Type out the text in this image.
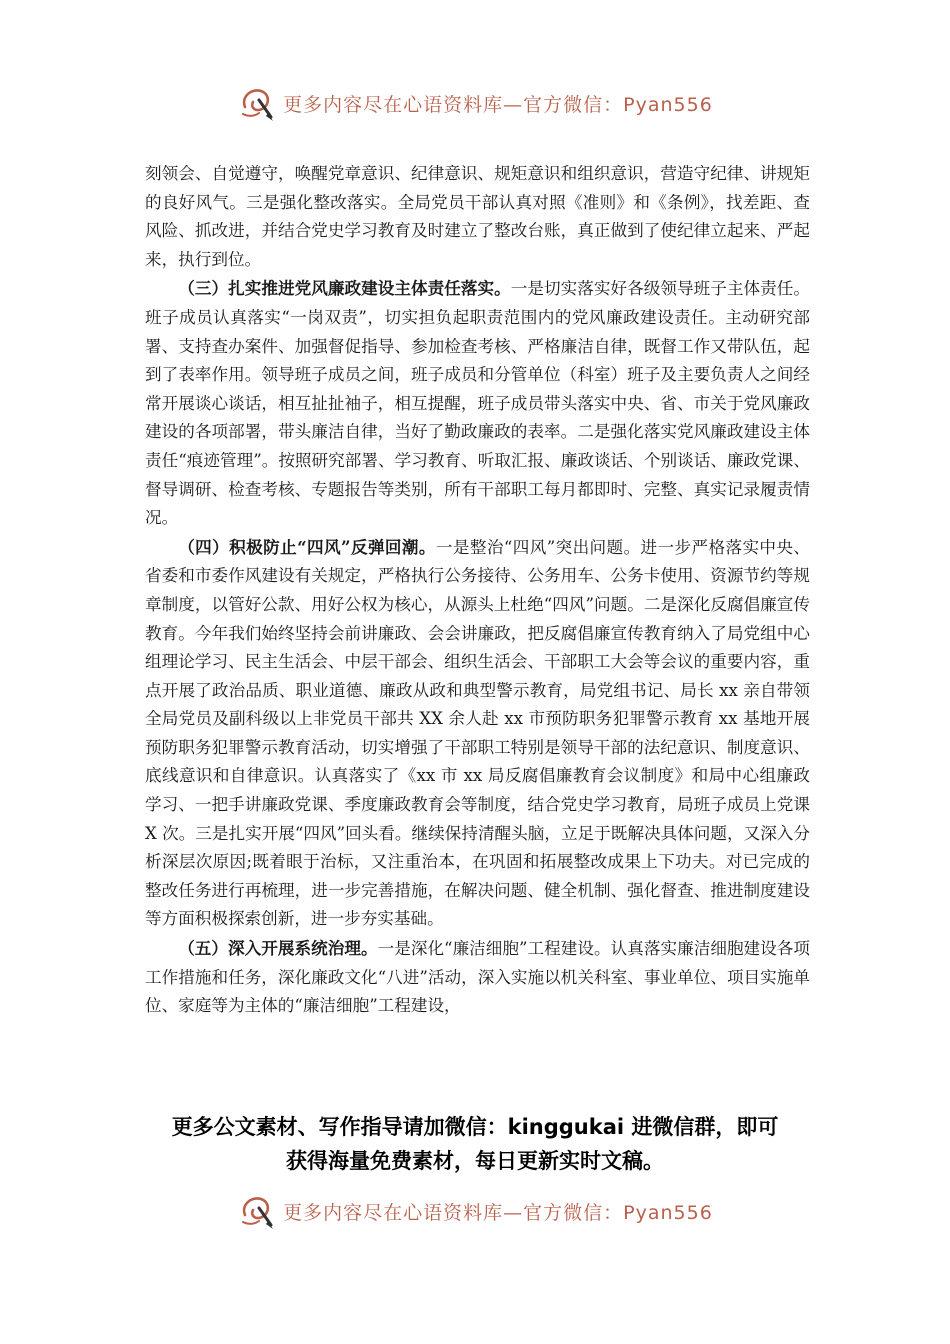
更多内容尽在心语资料库—官方微信：Pyan556

刻领会、自觉遵守，唤醒党章意识、纪律意识、规矩意识和组织意识，营造守纪律、讲规矩的良好风气。三是强化整改落实。全局党员干部认真对照《准则》和《条例》，找差距、查风险、抓改进，并结合党史学习教育及时建立了整改台账，真正做到了使纪律立起来、严起来，执行到位。

（三）扎实推进党风廉政建设主体责任落实。一是切实落实好各级领导班子主体责任。班子成员认真落实“一岗双责”，切实担负起职责范围内的党风廉政建设责任。主动研究部署、支持查办案件、加强督促指导、参加检查考核、严格廉洁自律，既督工作又带队伍，起到了表率作用。领导班子成员之间，班子成员和分管单位（科室）班子及主要负责人之间经常开展谈心谈话，相互扯扯袖子，相互提醒，班子成员带头落实中央、省、市关于党风廉政建设的各项部署，带头廉洁自律，当好了勤政廉政的表率。二是强化落实党风廉政建设主体责任“痕迹管理”。按照研究部署、学习教育、听取汇报、廉政谈话、个别谈话、廉政党课、督导调研、检查考核、专题报告等类别，所有干部职工每月都即时、完整、真实记录履责情况。

（四）积极防止“四风”反弹回潮。一是整治“四风”突出问题。进一步严格落实中央、省委和市委作风建设有关规定，严格执行公务接待、公务用车、公务卡使用、资源节约等规章制度，以管好公款、用好公权为核心，从源头上杜绝“四风”问题。二是深化反腐倡廉宣传教育。今年我们始终坚持会前讲廉政、会会讲廉政，把反腐倡廉宣传教育纳入了局党组中心组理论学习、民主生活会、中层干部会、组织生活会、干部职工大会等会议的重要内容，重点开展了政治品质、职业道德、廉政从政和典型警示教育，局党组书记、局长 xx 亲自带领全局党员及副科级以上非党员干部共 XX 余人赴 xx 市预防职务犯罪警示教育 xx 基地开展预防职务犯罪警示教育活动，切实增强了干部职工特别是领导干部的法纪意识、制度意识、底线意识和自律意识。认真落实了《xx 市 xx 局反腐倡廉教育会议制度》和局中心组廉政学习、一把手讲廉政党课、季度廉政教育会等制度，结合党史学习教育，局班子成员上党课 X 次。三是扎实开展“四风”回头看。继续保持清醒头脑，立足于既解决具体问题，又深入分析深层次原因;既着眼于治标，又注重治本，在巩固和拓展整改成果上下功夫。对已完成的整改任务进行再梳理，进一步完善措施，在解决问题、健全机制、强化督查、推进制度建设等方面积极探索创新，进一步夯实基础。

（五）深入开展系统治理。一是深化“廉洁细胞”工程建设。认真落实廉洁细胞建设各项工作措施和任务，深化廉政文化“八进”活动，深入实施以机关科室、事业单位、项目实施单位、家庭等为主体的“廉洁细胞”工程建设，

更多公文素材、写作指导请加微信：kinggukai 进微信群，即可
获得海量免费素材，每日更新实时文稿。
更多内容尽在心语资料库—官方微信：Pyan556
